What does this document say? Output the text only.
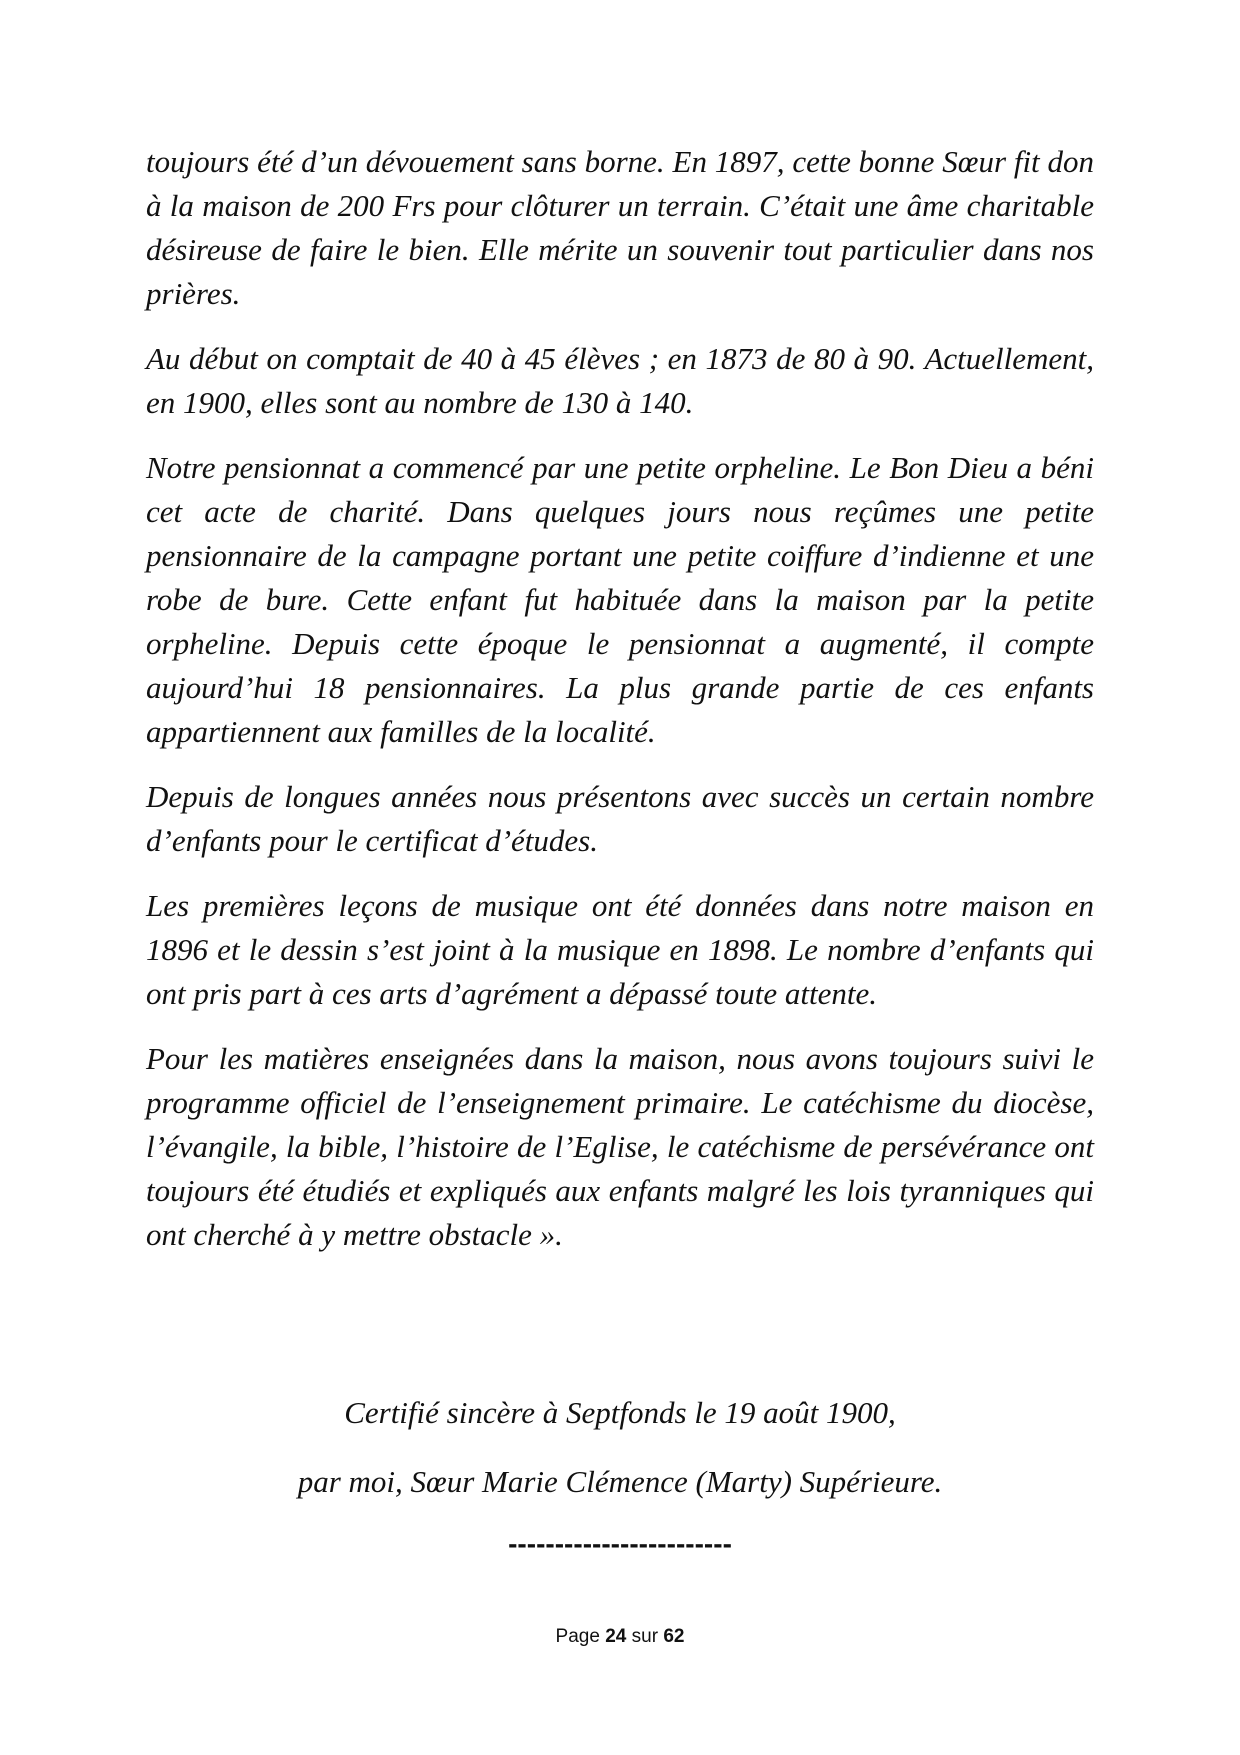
toujours été d’un dévouement sans borne. En 1897, cette bonne Sœur fit don à la maison de 200 Frs pour clôturer un terrain. C’était une âme charitable désireuse de faire le bien. Elle mérite un souvenir tout particulier dans nos prières.

Au début on comptait de 40 à 45 élèves ; en 1873 de 80 à 90. Actuellement, en 1900, elles sont au nombre de 130 à 140.

Notre pensionnat a commencé par une petite orpheline. Le Bon Dieu a béni cet acte de charité. Dans quelques jours nous reçûmes une petite pensionnaire de la campagne portant une petite coiffure d’indienne et une robe de bure. Cette enfant fut habituée dans la maison par la petite orpheline. Depuis cette époque le pensionnat a augmenté, il compte aujourd’hui 18 pensionnaires. La plus grande partie de ces enfants appartiennent aux familles de la localité.

Depuis de longues années nous présentons avec succès un certain nombre d’enfants pour le certificat d’études.

Les premières leçons de musique ont été données dans notre maison en 1896 et le dessin s’est joint à la musique en 1898. Le nombre d’enfants qui ont pris part à ces arts d’agrément a dépassé toute attente.

Pour les matières enseignées dans la maison, nous avons toujours suivi le programme officiel de l’enseignement primaire. Le catéchisme du diocèse, l’évangile, la bible, l’histoire de l’Eglise, le catéchisme de persévérance ont toujours été étudiés et expliqués aux enfants malgré les lois tyranniques qui ont cherché à y mettre obstacle ».

Certifié sincère à Septfonds le 19 août 1900,
par moi, Sœur Marie Clémence (Marty) Supérieure.
------------------------
Page 24 sur 62
